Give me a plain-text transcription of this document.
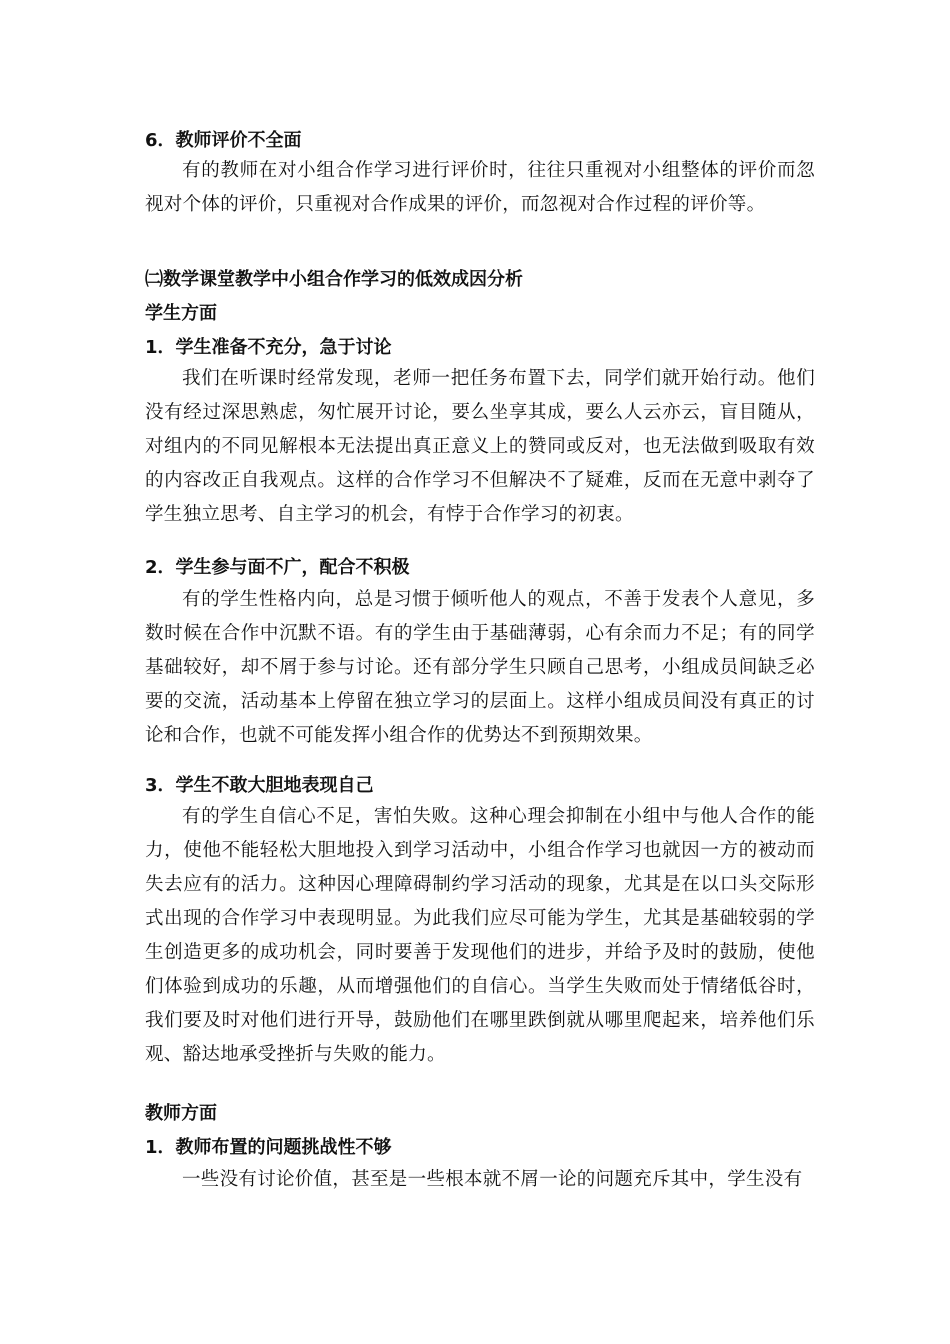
6．教师评价不全面

有的教师在对小组合作学习进行评价时，往往只重视对小组整体的评价而忽视对个体的评价，只重视对合作成果的评价，而忽视对合作过程的评价等。

㈡数学课堂教学中小组合作学习的低效成因分析
学生方面
1．学生准备不充分，急于讨论

我们在听课时经常发现，老师一把任务布置下去，同学们就开始行动。他们没有经过深思熟虑，匆忙展开讨论，要么坐享其成，要么人云亦云，盲目随从，对组内的不同见解根本无法提出真正意义上的赞同或反对，也无法做到吸取有效的内容改正自我观点。这样的合作学习不但解决不了疑难，反而在无意中剥夺了学生独立思考、自主学习的机会，有悖于合作学习的初衷。

2．学生参与面不广，配合不积极

有的学生性格内向，总是习惯于倾听他人的观点，不善于发表个人意见，多数时候在合作中沉默不语。有的学生由于基础薄弱，心有余而力不足；有的同学基础较好，却不屑于参与讨论。还有部分学生只顾自己思考，小组成员间缺乏必要的交流，活动基本上停留在独立学习的层面上。这样小组成员间没有真正的讨论和合作，也就不可能发挥小组合作的优势达不到预期效果。

3．学生不敢大胆地表现自己

有的学生自信心不足，害怕失败。这种心理会抑制在小组中与他人合作的能力，使他不能轻松大胆地投入到学习活动中，小组合作学习也就因一方的被动而失去应有的活力。这种因心理障碍制约学习活动的现象，尤其是在以口头交际形式出现的合作学习中表现明显。为此我们应尽可能为学生，尤其是基础较弱的学生创造更多的成功机会，同时要善于发现他们的进步，并给予及时的鼓励，使他们体验到成功的乐趣，从而增强他们的自信心。当学生失败而处于情绪低谷时，我们要及时对他们进行开导，鼓励他们在哪里跌倒就从哪里爬起来，培养他们乐观、豁达地承受挫折与失败的能力。

教师方面
1．教师布置的问题挑战性不够

一些没有讨论价值，甚至是一些根本就不屑一论的问题充斥其中，学生没有
